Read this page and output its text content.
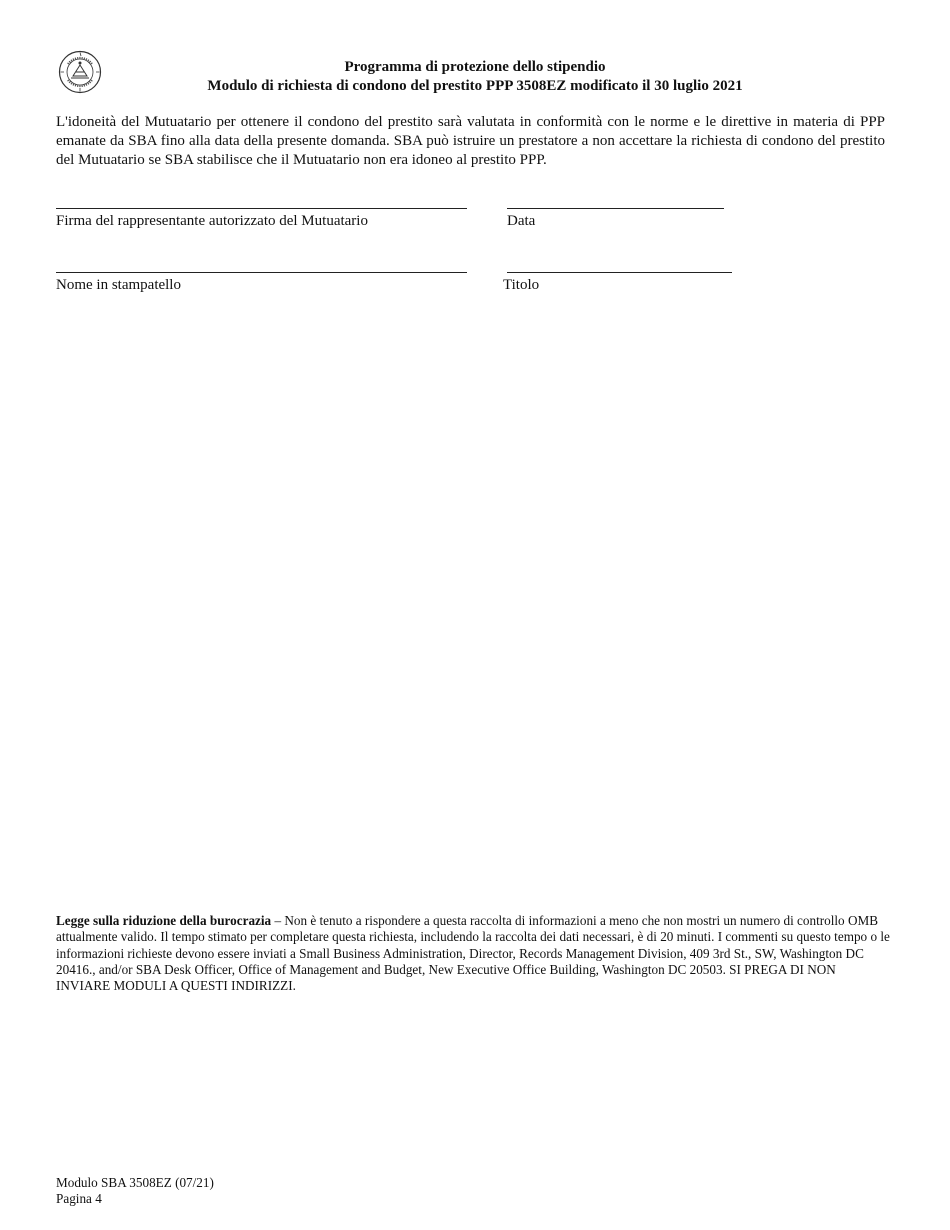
Programma di protezione dello stipendio
Modulo di richiesta di condono del prestito PPP 3508EZ modificato il 30 luglio 2021
L'idoneità del Mutuatario per ottenere il condono del prestito sarà valutata in conformità con le norme e le direttive in materia di PPP emanate da SBA fino alla data della presente domanda. SBA può istruire un prestatore a non accettare la richiesta di condono del prestito del Mutuatario se SBA stabilisce che il Mutuatario non era idoneo al prestito PPP.
Firma del rappresentante autorizzato del Mutuatario	Data
Nome in stampatello	Titolo
Legge sulla riduzione della burocrazia – Non è tenuto a rispondere a questa raccolta di informazioni a meno che non mostri un numero di controllo OMB attualmente valido. Il tempo stimato per completare questa richiesta, includendo la raccolta dei dati necessari, è di 20 minuti. I commenti su questo tempo o le informazioni richieste devono essere inviati a Small Business Administration, Director, Records Management Division, 409 3rd St., SW, Washington DC 20416., and/or SBA Desk Officer, Office of Management and Budget, New Executive Office Building, Washington DC 20503. SI PREGA DI NON INVIARE MODULI A QUESTI INDIRIZZI.
Modulo SBA 3508EZ (07/21)
Pagina 4
